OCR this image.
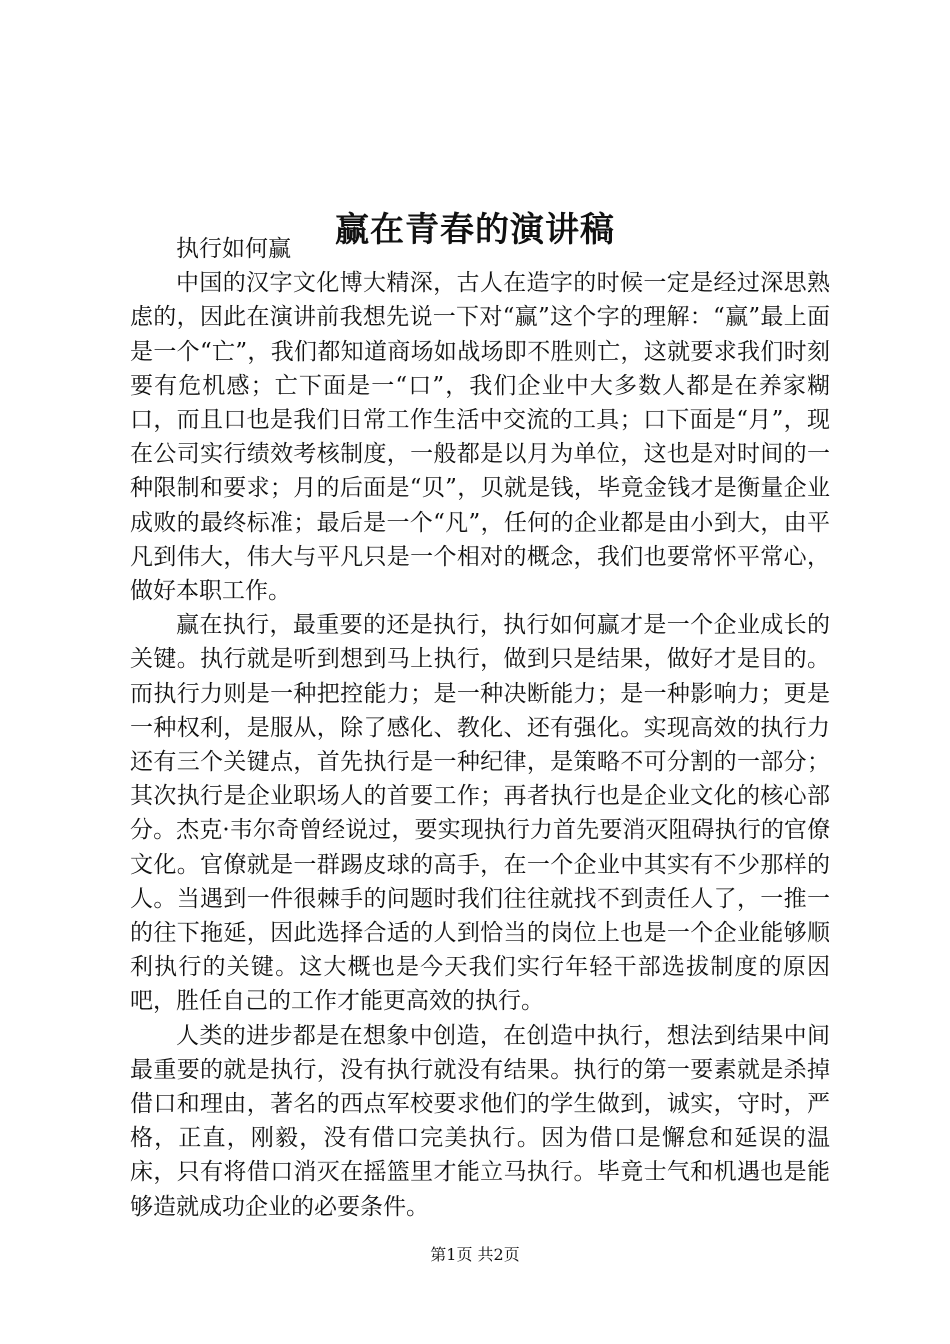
赢在青春的演讲稿

执行如何赢

中国的汉字文化博大精深，古人在造字的时候一定是经过深思熟虑的，因此在演讲前我想先说一下对“赢”这个字的理解：“赢”最上面是一个“亡”，我们都知道商场如战场即不胜则亡，这就要求我们时刻要有危机感；亡下面是一“口”，我们企业中大多数人都是在养家糊口，而且口也是我们日常工作生活中交流的工具；口下面是“月”，现在公司实行绩效考核制度，一般都是以月为单位，这也是对时间的一种限制和要求；月的后面是“贝”，贝就是钱，毕竟金钱才是衡量企业成败的最终标准；最后是一个“凡”，任何的企业都是由小到大，由平凡到伟大，伟大与平凡只是一个相对的概念，我们也要常怀平常心，做好本职工作。

赢在执行，最重要的还是执行，执行如何赢才是一个企业成长的关键。执行就是听到想到马上执行，做到只是结果，做好才是目的。而执行力则是一种把控能力；是一种决断能力；是一种影响力；更是一种权利，是服从，除了感化、教化、还有强化。实现高效的执行力还有三个关键点，首先执行是一种纪律，是策略不可分割的一部分；其次执行是企业职场人的首要工作；再者执行也是企业文化的核心部分。杰克·韦尔奇曾经说过，要实现执行力首先要消灭阻碍执行的官僚文化。官僚就是一群踢皮球的高手，在一个企业中其实有不少那样的人。当遇到一件很棘手的问题时我们往往就找不到责任人了，一推一的往下拖延，因此选择合适的人到恰当的岗位上也是一个企业能够顺利执行的关键。这大概也是今天我们实行年轻干部选拔制度的原因吧，胜任自己的工作才能更高效的执行。

人类的进步都是在想象中创造，在创造中执行，想法到结果中间最重要的就是执行，没有执行就没有结果。执行的第一要素就是杀掉借口和理由，著名的西点军校要求他们的学生做到，诚实，守时，严格，正直，刚毅，没有借口完美执行。因为借口是懈怠和延误的温床，只有将借口消灭在摇篮里才能立马执行。毕竟士气和机遇也是能够造就成功企业的必要条件。

第1页 共2页
